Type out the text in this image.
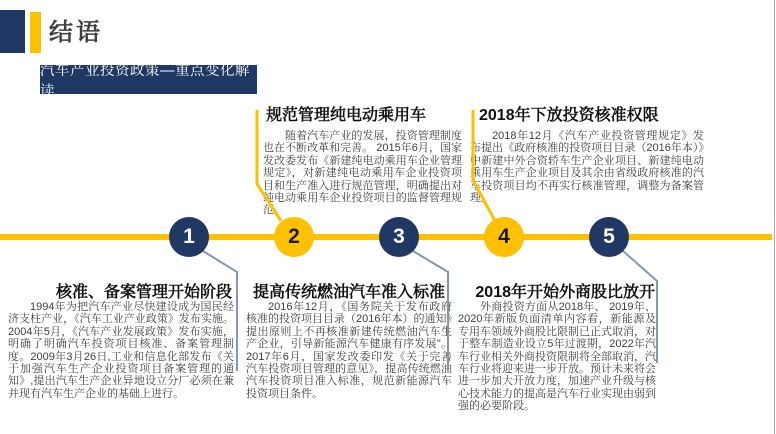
结语
汽车产业投资政策—重点变化解读
规范管理纯电动乘用车
随着汽车产业的发展，投资管理制度也在不断改革和完善。 2015年6月，国家发改委发布《新建纯电动乘用车企业管理规定》，对新建纯电动乘用车企业投资项目和生产准入进行规范管理，明确提出对纯电动乘用车企业投资项目的监督管理规范。
2018年下放投资核准权限
2018年12月《汽车产业投资管理规定》发布提出《政府核准的投资项目目录（2016年本）》中新建中外合资轿车生产企业项目、新建纯电动乘用车生产企业项目及其余由省级政府核准的汽车投资项目均不再实行核准管理，调整为备案管理。
1	2	3	4	5
核准、备案管理开始阶段
1994年为把汽车产业尽快建设成为国民经济支柱产业，《汽车工业产业政策》发布实施。2004年5月，《汽车产业发展政策》发布实施，明确了明确汽车投资项目核准、备案管理制度。2009年3月26日,工业和信息化部发布《关于加强汽车生产企业投资项目备案管理的通知》,提出汽车生产企业异地设立分厂必须在兼并现有汽车生产企业的基础上进行。
提高传统燃油汽车准入标准
2016年12月，《国务院关于发布政府核准的投资项目目录（2016年本）的通知》提出原则上不再核准新建传统燃油汽车生产企业，引导新能源汽车健康有序发展"。2017年6月，国家发改委印发《关于完善汽车投资项目管理的意见》，提高传统燃油汽车投资项目准入标准，规范新能源汽车投资项目条件。
2018年开始外商股比放开
外商投资方面从2018年、 2019年、2020年新版负面清单内容看，新能源及专用车领域外商股比限制已正式取消，对于整车制造业设立5年过渡期，2022年汽车行业相关外商投资限制将全部取消，汽车行业将迎来进一步开放。预计未来将会进一步加大开放力度，加速产业升级与核心技术能力的提高是汽车行业实现由弱到强的必要阶段。
